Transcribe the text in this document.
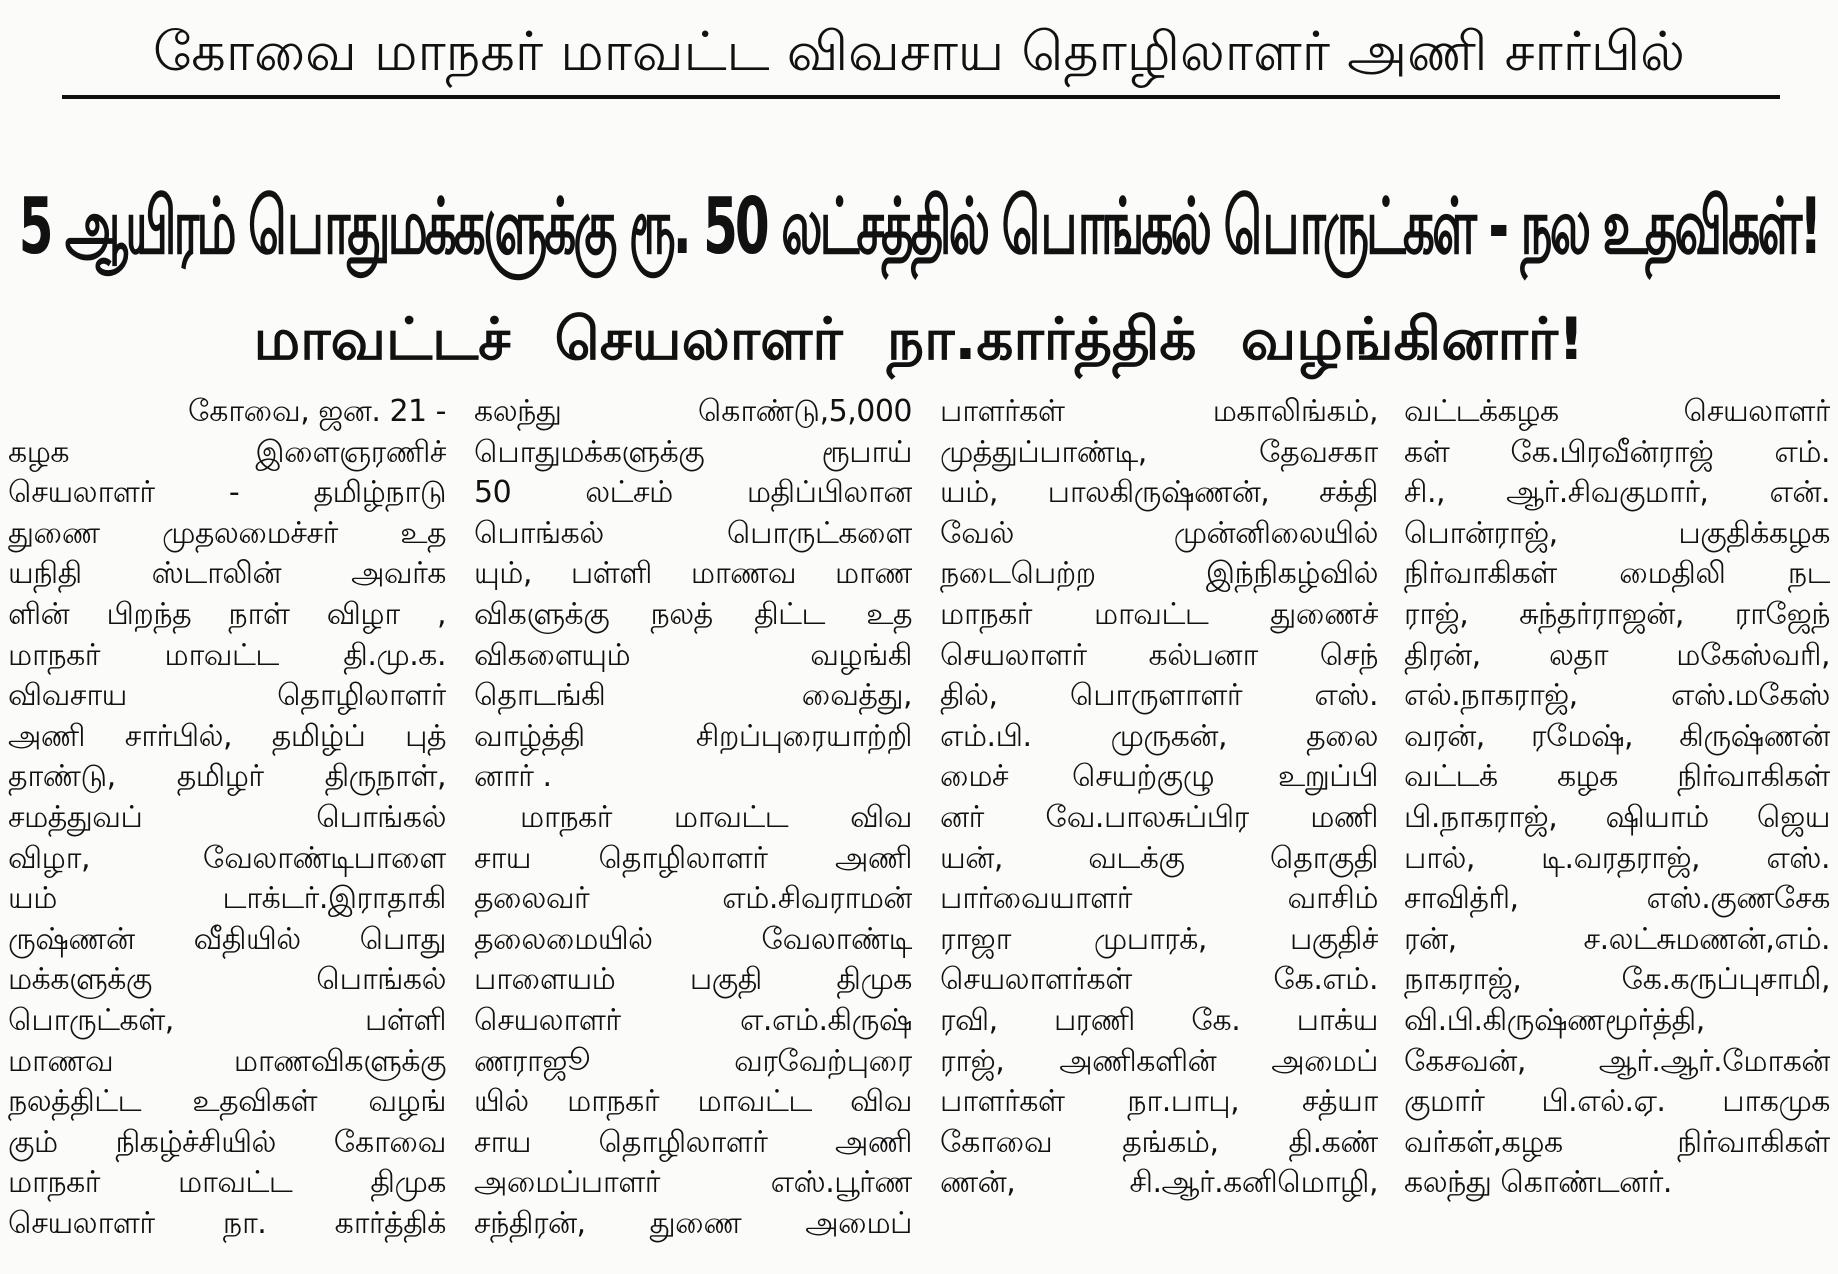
கோவை மாநகர் மாவட்ட விவசாய தொழிலாளர் அணி சார்பில்
5 ஆயிரம் பொதுமக்களுக்கு ரூ. 50 லட்சத்தில் பொங்கல் பொருட்கள் - நல உதவிகள்!
மாவட்டச் செயலாளர் நா.கார்த்திக் வழங்கினார்!
கோவை, ஜன. 21 -
கழக இளைஞரணிச்
செயலாளர் - தமிழ்நாடு
துணை முதலமைச்சர் உத
யநிதி ஸ்டாலின் அவர்க
ளின் பிறந்த நாள் விழா ,
மாநகர் மாவட்ட தி.மு.க.
விவசாய தொழிலாளர்
அணி சார்பில், தமிழ்ப் புத்
தாண்டு, தமிழர் திருநாள்,
சமத்துவப் பொங்கல்
விழா, வேலாண்டிபாளை
யம் டாக்டர்.இராதாகி
ருஷ்ணன் வீதியில் பொது
மக்களுக்கு பொங்கல்
பொருட்கள், பள்ளி
மாணவ மாணவிகளுக்கு
நலத்திட்ட உதவிகள் வழங்
கும் நிகழ்ச்சியில் கோவை
மாநகர் மாவட்ட திமுக
செயலாளர் நா. கார்த்திக்
கலந்து கொண்டு,5,000
பொதுமக்களுக்கு ரூபாய்
50 லட்சம் மதிப்பிலான
பொங்கல் பொருட்களை
யும், பள்ளி மாணவ மாண
விகளுக்கு நலத் திட்ட உத
விகளையும் வழங்கி
தொடங்கி வைத்து,
வாழ்த்தி சிறப்புரையாற்றி
னார் .
மாநகர் மாவட்ட விவ
சாய தொழிலாளர் அணி
தலைவர் எம்.சிவராமன்
தலைமையில் வேலாண்டி
பாளையம் பகுதி திமுக
செயலாளர் எ.எம்.கிருஷ்
ணராஜூ வரவேற்புரை
யில் மாநகர் மாவட்ட விவ
சாய தொழிலாளர் அணி
அமைப்பாளர் எஸ்.பூர்ண
சந்திரன், துணை அமைப்
பாளர்கள் மகாலிங்கம்,
முத்துப்பாண்டி, தேவசகா
யம், பாலகிருஷ்ணன், சக்தி
வேல் முன்னிலையில்
நடைபெற்ற இந்நிகழ்வில்
மாநகர் மாவட்ட துணைச்
செயலாளர் கல்பனா செந்
தில், பொருளாளர் எஸ்.
எம்.பி. முருகன், தலை
மைச் செயற்குழு உறுப்பி
னர் வே.பாலசுப்பிர மணி
யன், வடக்கு தொகுதி
பார்வையாளர் வாசிம்
ராஜா முபாரக், பகுதிச்
செயலாளர்கள் கே.எம்.
ரவி, பரணி கே. பாக்ய
ராஜ், அணிகளின் அமைப்
பாளர்கள் நா.பாபு, சத்யா
கோவை தங்கம், தி.கண்
ணன், சி.ஆர்.கனிமொழி,
வட்டக்கழக செயலாளர்
கள் கே.பிரவீன்ராஜ் எம்.
சி., ஆர்.சிவகுமார், என்.
பொன்ராஜ், பகுதிக்கழக
நிர்வாகிகள் மைதிலி நட
ராஜ், சுந்தர்ராஜன், ராஜேந்
திரன், லதா மகேஸ்வரி,
எல்.நாகராஜ், எஸ்.மகேஸ்
வரன், ரமேஷ், கிருஷ்ணன்
வட்டக் கழக நிர்வாகிகள்
பி.நாகராஜ், ஷியாம் ஜெய
பால், டி.வரதராஜ், எஸ்.
சாவித்ரி, எஸ்.குணசேக
ரன், ச.லட்சுமணன்,எம்.
நாகராஜ், கே.கருப்புசாமி,
வி.பி.கிருஷ்ணமூர்த்தி,
கேசவன், ஆர்.ஆர்.மோகன்
குமார் பி.எல்.ஏ. பாகமுக
வர்கள்,கழக நிர்வாகிகள்
கலந்து கொண்டனர்.
